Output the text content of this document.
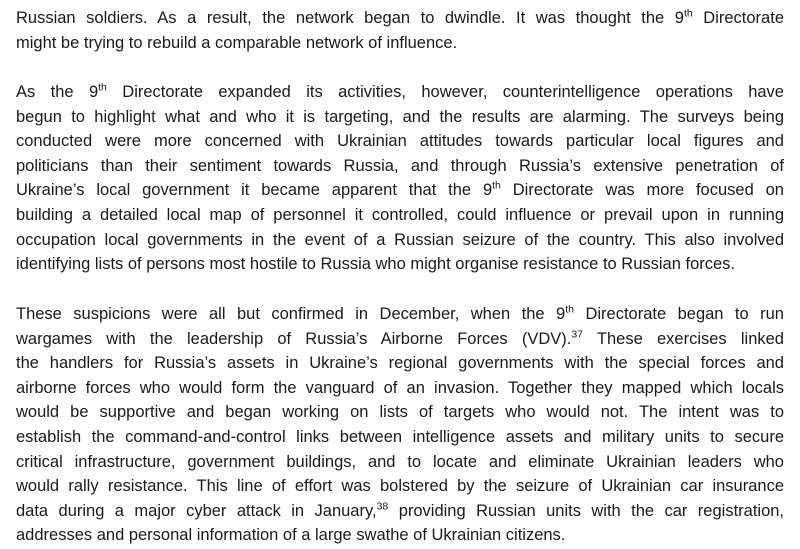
Russian soldiers. As a result, the network began to dwindle. It was thought the 9th Directorate
might be trying to rebuild a comparable network of influence.

As the 9th Directorate expanded its activities, however, counterintelligence operations have
begun to highlight what and who it is targeting, and the results are alarming. The surveys being
conducted were more concerned with Ukrainian attitudes towards particular local figures and
politicians than their sentiment towards Russia, and through Russia’s extensive penetration of
Ukraine’s local government it became apparent that the 9th Directorate was more focused on
building a detailed local map of personnel it controlled, could influence or prevail upon in running
occupation local governments in the event of a Russian seizure of the country. This also involved
identifying lists of persons most hostile to Russia who might organise resistance to Russian forces.

These suspicions were all but confirmed in December, when the 9th Directorate began to run
wargames with the leadership of Russia’s Airborne Forces (VDV).$^{37}$ These exercises linked
the handlers for Russia’s assets in Ukraine’s regional governments with the special forces and
airborne forces who would form the vanguard of an invasion. Together they mapped which locals
would be supportive and began working on lists of targets who would not. The intent was to
establish the command-and-control links between intelligence assets and military units to secure
critical infrastructure, government buildings, and to locate and eliminate Ukrainian leaders who
would rally resistance. This line of effort was bolstered by the seizure of Ukrainian car insurance
data during a major cyber attack in January,$^{38}$ providing Russian units with the car registration,
addresses and personal information of a large swathe of Ukrainian citizens.
